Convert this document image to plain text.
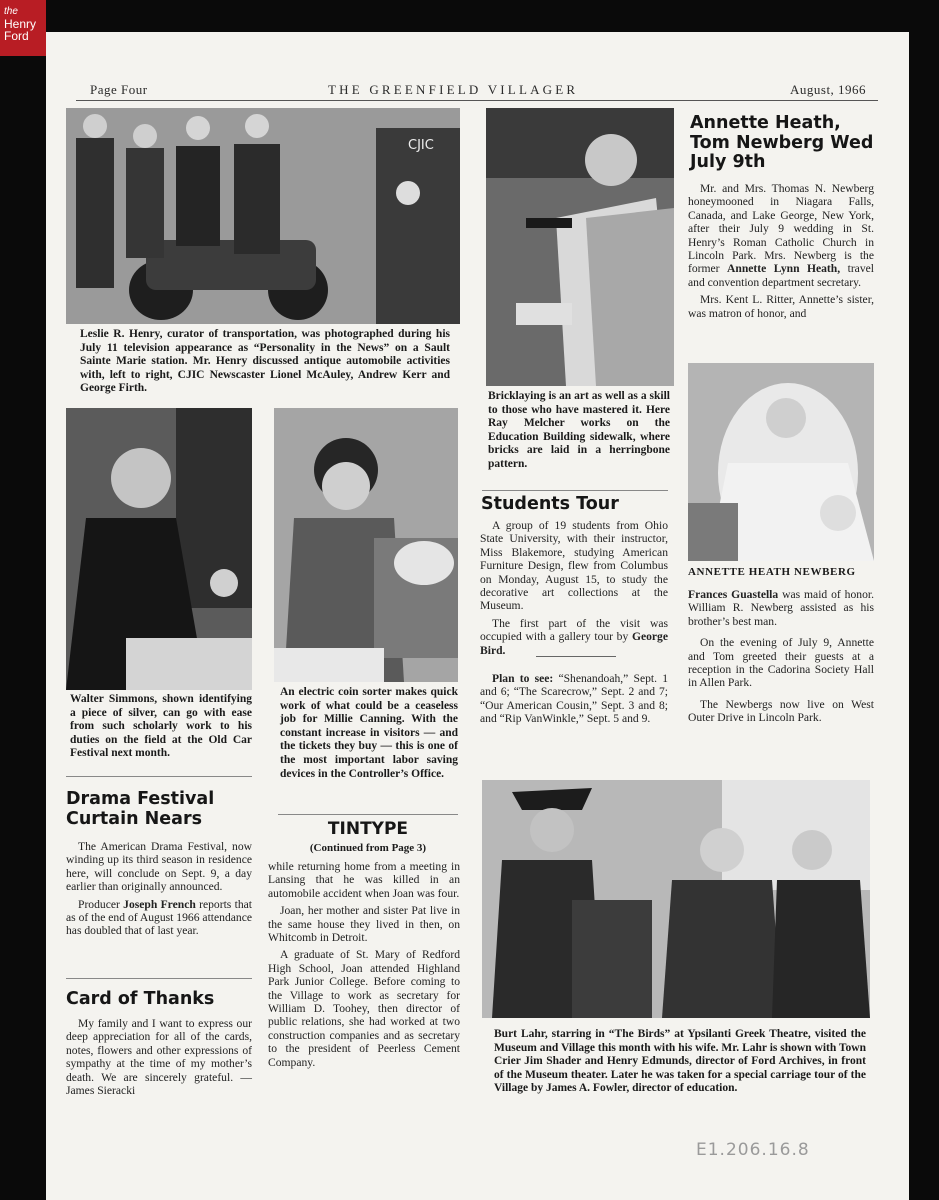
the
Henry
Ford
Page Four	THE GREENFIELD VILLAGER	August, 1966
CJIC
Leslie R. Henry, curator of transportation, was photographed during his July 11 television appearance as “Personality in the News” on a Sault Sainte Marie station. Mr. Henry discussed antique automobile activities with, left to right, CJIC Newscaster Lionel McAuley, Andrew Kerr and George Firth.
Bricklaying is an art as well as a skill to those who have mastered it. Here Ray Melcher works on the Education Building sidewalk, where bricks are laid in a herringbone pattern.
Walter Simmons, shown identifying a piece of silver, can go with ease from such scholarly work to his duties on the field at the Old Car Festival next month.
An electric coin sorter makes quick work of what could be a ceaseless job for Millie Canning. With the constant increase in visitors — and the tickets they buy — this is one of the most important labor saving devices in the Controller’s Office.
Annette Heath, Tom Newberg Wed July 9th

Mr. and Mrs. Thomas N. Newberg honeymooned in Niagara Falls, Canada, and Lake George, New York, after their July 9 wedding in St. Henry’s Roman Catholic Church in Lincoln Park. Mrs. Newberg is the former Annette Lynn Heath, travel and convention department secretary.

Mrs. Kent L. Ritter, Annette’s sister, was matron of honor, and

ANNETTE HEATH NEWBERG

Frances Guastella was maid of honor. William R. Newberg assisted as his brother’s best man.

On the evening of July 9, Annette and Tom greeted their guests at a reception in the Cadorina Society Hall in Allen Park.

The Newbergs now live on West Outer Drive in Lincoln Park.

Students Tour

A group of 19 students from Ohio State University, with their instructor, Miss Blakemore, studying American Furniture Design, flew from Columbus on Monday, August 15, to study the decorative art collections at the Museum.

The first part of the visit was occupied with a gallery tour by George Bird.

Plan to see: “Shenandoah,” Sept. 1 and 6; “The Scarecrow,” Sept. 2 and 7; “Our American Cousin,” Sept. 3 and 8; and “Rip VanWinkle,” Sept. 5 and 9.

Drama Festival Curtain Nears

The American Drama Festival, now winding up its third season in residence here, will conclude on Sept. 9, a day earlier than originally announced.

Producer Joseph French reports that as of the end of August 1966 attendance has doubled that of last year.

Card of Thanks

My family and I want to express our deep appreciation for all of the cards, notes, flowers and other expressions of sympathy at the time of my mother’s death. We are sincerely grateful. — James Sieracki

TINTYPE
(Continued from Page 3)

while returning home from a meeting in Lansing that he was killed in an automobile accident when Joan was four.

Joan, her mother and sister Pat live in the same house they lived in then, on Whitcomb in Detroit.

A graduate of St. Mary of Redford High School, Joan attended Highland Park Junior College. Before coming to the Village to work as secretary for William D. Toohey, then director of public relations, she had worked at two construction companies and as secretary to the president of Peerless Cement Company.

Burt Lahr, starring in “The Birds” at Ypsilanti Greek Theatre, visited the Museum and Village this month with his wife. Mr. Lahr is shown with Town Crier Jim Shader and Henry Edmunds, director of Ford Archives, in front of the Museum theater. Later he was taken for a special carriage tour of the Village by James A. Fowler, director of education.
E1.206.16.8
